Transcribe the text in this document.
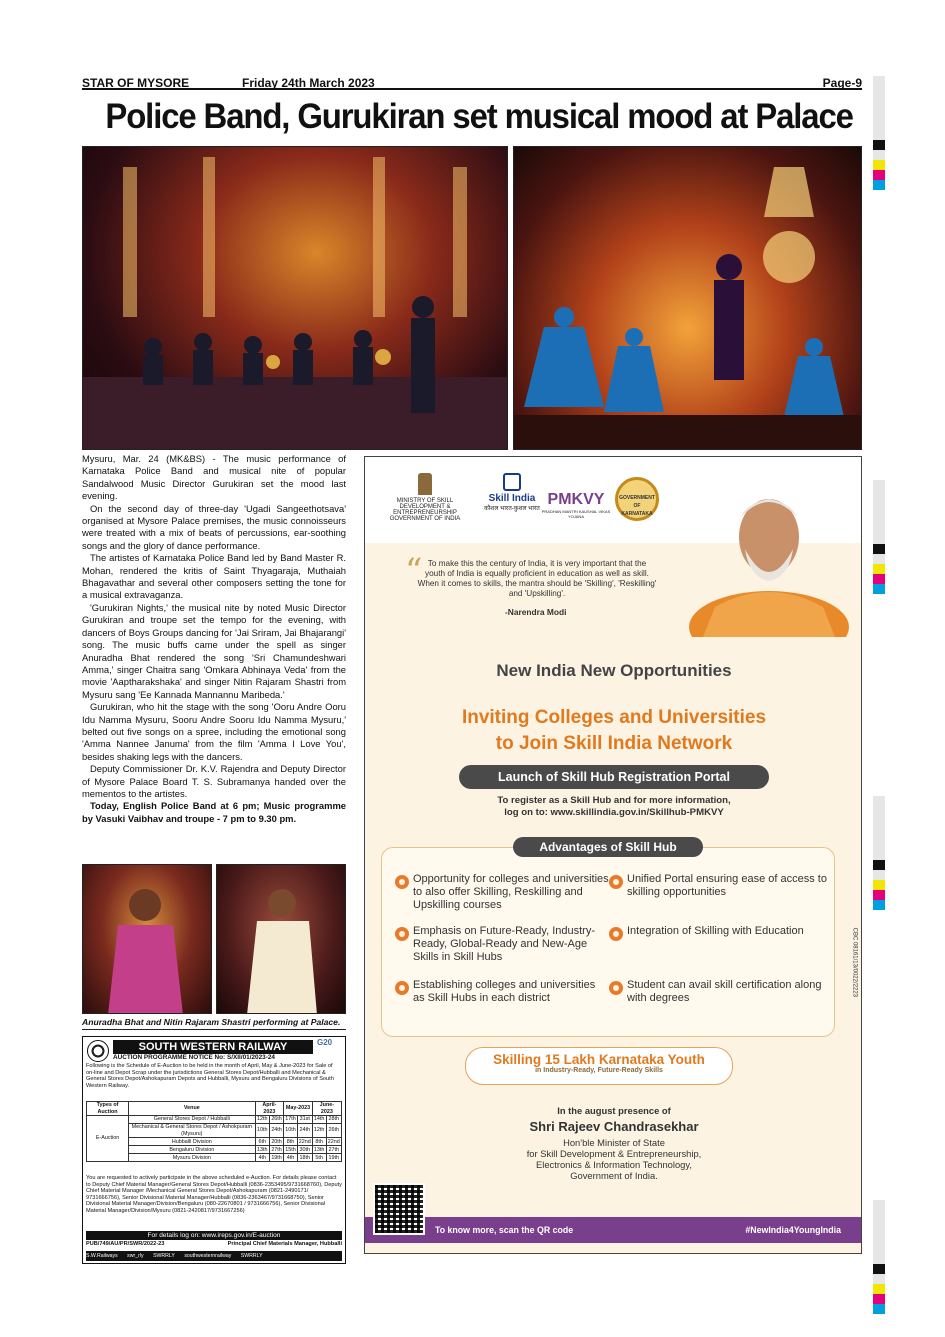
STAR OF MYSORE	Friday 24th March 2023	Page-9
Police Band, Gurukiran set musical mood at Palace

Mysuru, Mar. 24 (MK&BS) - The music performance of Karnataka Police Band and musical nite of popular Sandalwood Music Director Gurukiran set the mood last evening.

On the second day of three-day 'Ugadi Sangeethotsava' organised at Mysore Palace premises, the music connoisseurs were treated with a mix of beats of percussions, ear-soothing songs and the glory of dance performance.

The artistes of Karnataka Police Band led by Band Master R. Mohan, rendered the kritis of Saint Thyagaraja, Muthaiah Bhagavathar and several other composers setting the tone for a musical extravaganza.

'Gurukiran Nights,' the musical nite by noted Music Director Gurukiran and troupe set the tempo for the evening, with dancers of Boys Groups dancing for 'Jai Sriram, Jai Bhajarangi' song. The music buffs came under the spell as singer Anuradha Bhat rendered the song 'Sri Chamundeshwari Amma,' singer Chaitra sang 'Omkara Abhinaya Veda' from the movie 'Aaptharakshaka' and singer Nitin Rajaram Shastri from Mysuru sang 'Ee Kannada Mannannu Maribeda.'

Gurukiran, who hit the stage with the song 'Ooru Andre Ooru Idu Namma Mysuru, Sooru Andre Sooru Idu Namma Mysuru,' belted out five songs on a spree, including the emotional song 'Amma Nannee Januma' from the film 'Amma I Love You', besides shaking legs with the dancers.

Deputy Commissioner Dr. K.V. Rajendra and Deputy Director of Mysore Palace Board T. S. Subramanya handed over the mementos to the artistes.

Today, English Police Band at 6 pm; Music programme by Vasuki Vaibhav and troupe - 7 pm to 9.30 pm.

Anuradha Bhat and Nitin Rajaram Shastri performing at Palace.
SOUTH WESTERN RAILWAY	G20
AUCTION PROGRAMME NOTICE No: S/XII/01/2023-24
Following is the Schedule of E-Auction to be held in the month of April, May & June-2023 for Sale of on-line and Depot Scrap under the jurisdictions General Stores Depot/Hubballi and Mechanical & General Stores Depot/Ashokapuram Depots and Hubballi, Mysuru and Bengaluru Divisions of South Western Railway.
Types of Auction	Venue	April-2023		May-2023		June-2023	
E-Auction	General Stores Depot / Hubballi	12th	26th	17th	31st	14th	28th
	Mechanical & General Stores Depot / Ashokpuram (Mysuru)	10th	24th	10th	24th	12th	26th
	Hubballi Division	6th	20th	8th	22nd	8th	22nd
	Bengaluru Division	13th	27th	15th	30th	13th	27th
	Mysuru Division	4th	19th	4th	18th	5th	19th
You are requested to actively participate in the above scheduled e-Auction. For details please contact to Deputy Chief Material Manager/General Stores Depot/Hubballi (0836-2353495/9731668760), Deputy Chief Material Manager /Mechanical General Stores Depot/Ashokapuram (0821-2490171/ 9731666756), Senior Divisional Material Manager/Hubballi (0836-2363467/9731668750), Senior Divisional Material Manager/Division/Bengaluru (080-22670801 / 9731666756), Senior Divisional Material Manager/Division/Mysuru (0821-2420817/9731667256)
For details log on: www.ireps.gov.in/E-auction
PUB/749/AU/PR/SWR/2022-23	Principal Chief Materials Manager, Hubballi
S.W.Railways swr_rly SWRRLY southwesternrailway SWRRLY
MINISTRY OF SKILL DEVELOPMENT & ENTREPRENEURSHIP GOVERNMENT OF INDIA
Skill India
कौशल भारत-कुशल भारत
PMKVY
PRADHAN MANTRI KAUSHAL VIKAS YOJANA
GOVERNMENT OF KARNATAKA
“ To make this the century of India, it is very important that the youth of India is equally proficient in education as well as skill. When it comes to skills, the mantra should be 'Skilling', 'Reskilling' and 'Upskilling'.
-Narendra Modi
New India New Opportunities
Inviting Colleges and Universities
to Join Skill India Network
Launch of Skill Hub Registration Portal
To register as a Skill Hub and for more information,
log on to: www.skillindia.gov.in/Skillhub-PMKVY
Advantages of Skill Hub
Opportunity for colleges and universities to also offer Skilling, Reskilling and Upskilling courses
Unified Portal ensuring ease of access to skilling opportunities
Emphasis on Future-Ready, Industry-Ready, Global-Ready and New-Age Skills in Skill Hubs
Integration of Skilling with Education
Establishing colleges and universities as Skill Hubs in each district
Student can avail skill certification along with degrees
Skilling 15 Lakh Karnataka Youth
in Industry-Ready, Future-Ready Skills
In the august presence of
Shri Rajeev Chandrasekhar
Hon'ble Minister of State
for Skill Development & Entrepreneurship,
Electronics & Information Technology,
Government of India.
To know more, scan the QR code	#NewIndia4YoungIndia
CBC 08161/13/0022/2223
